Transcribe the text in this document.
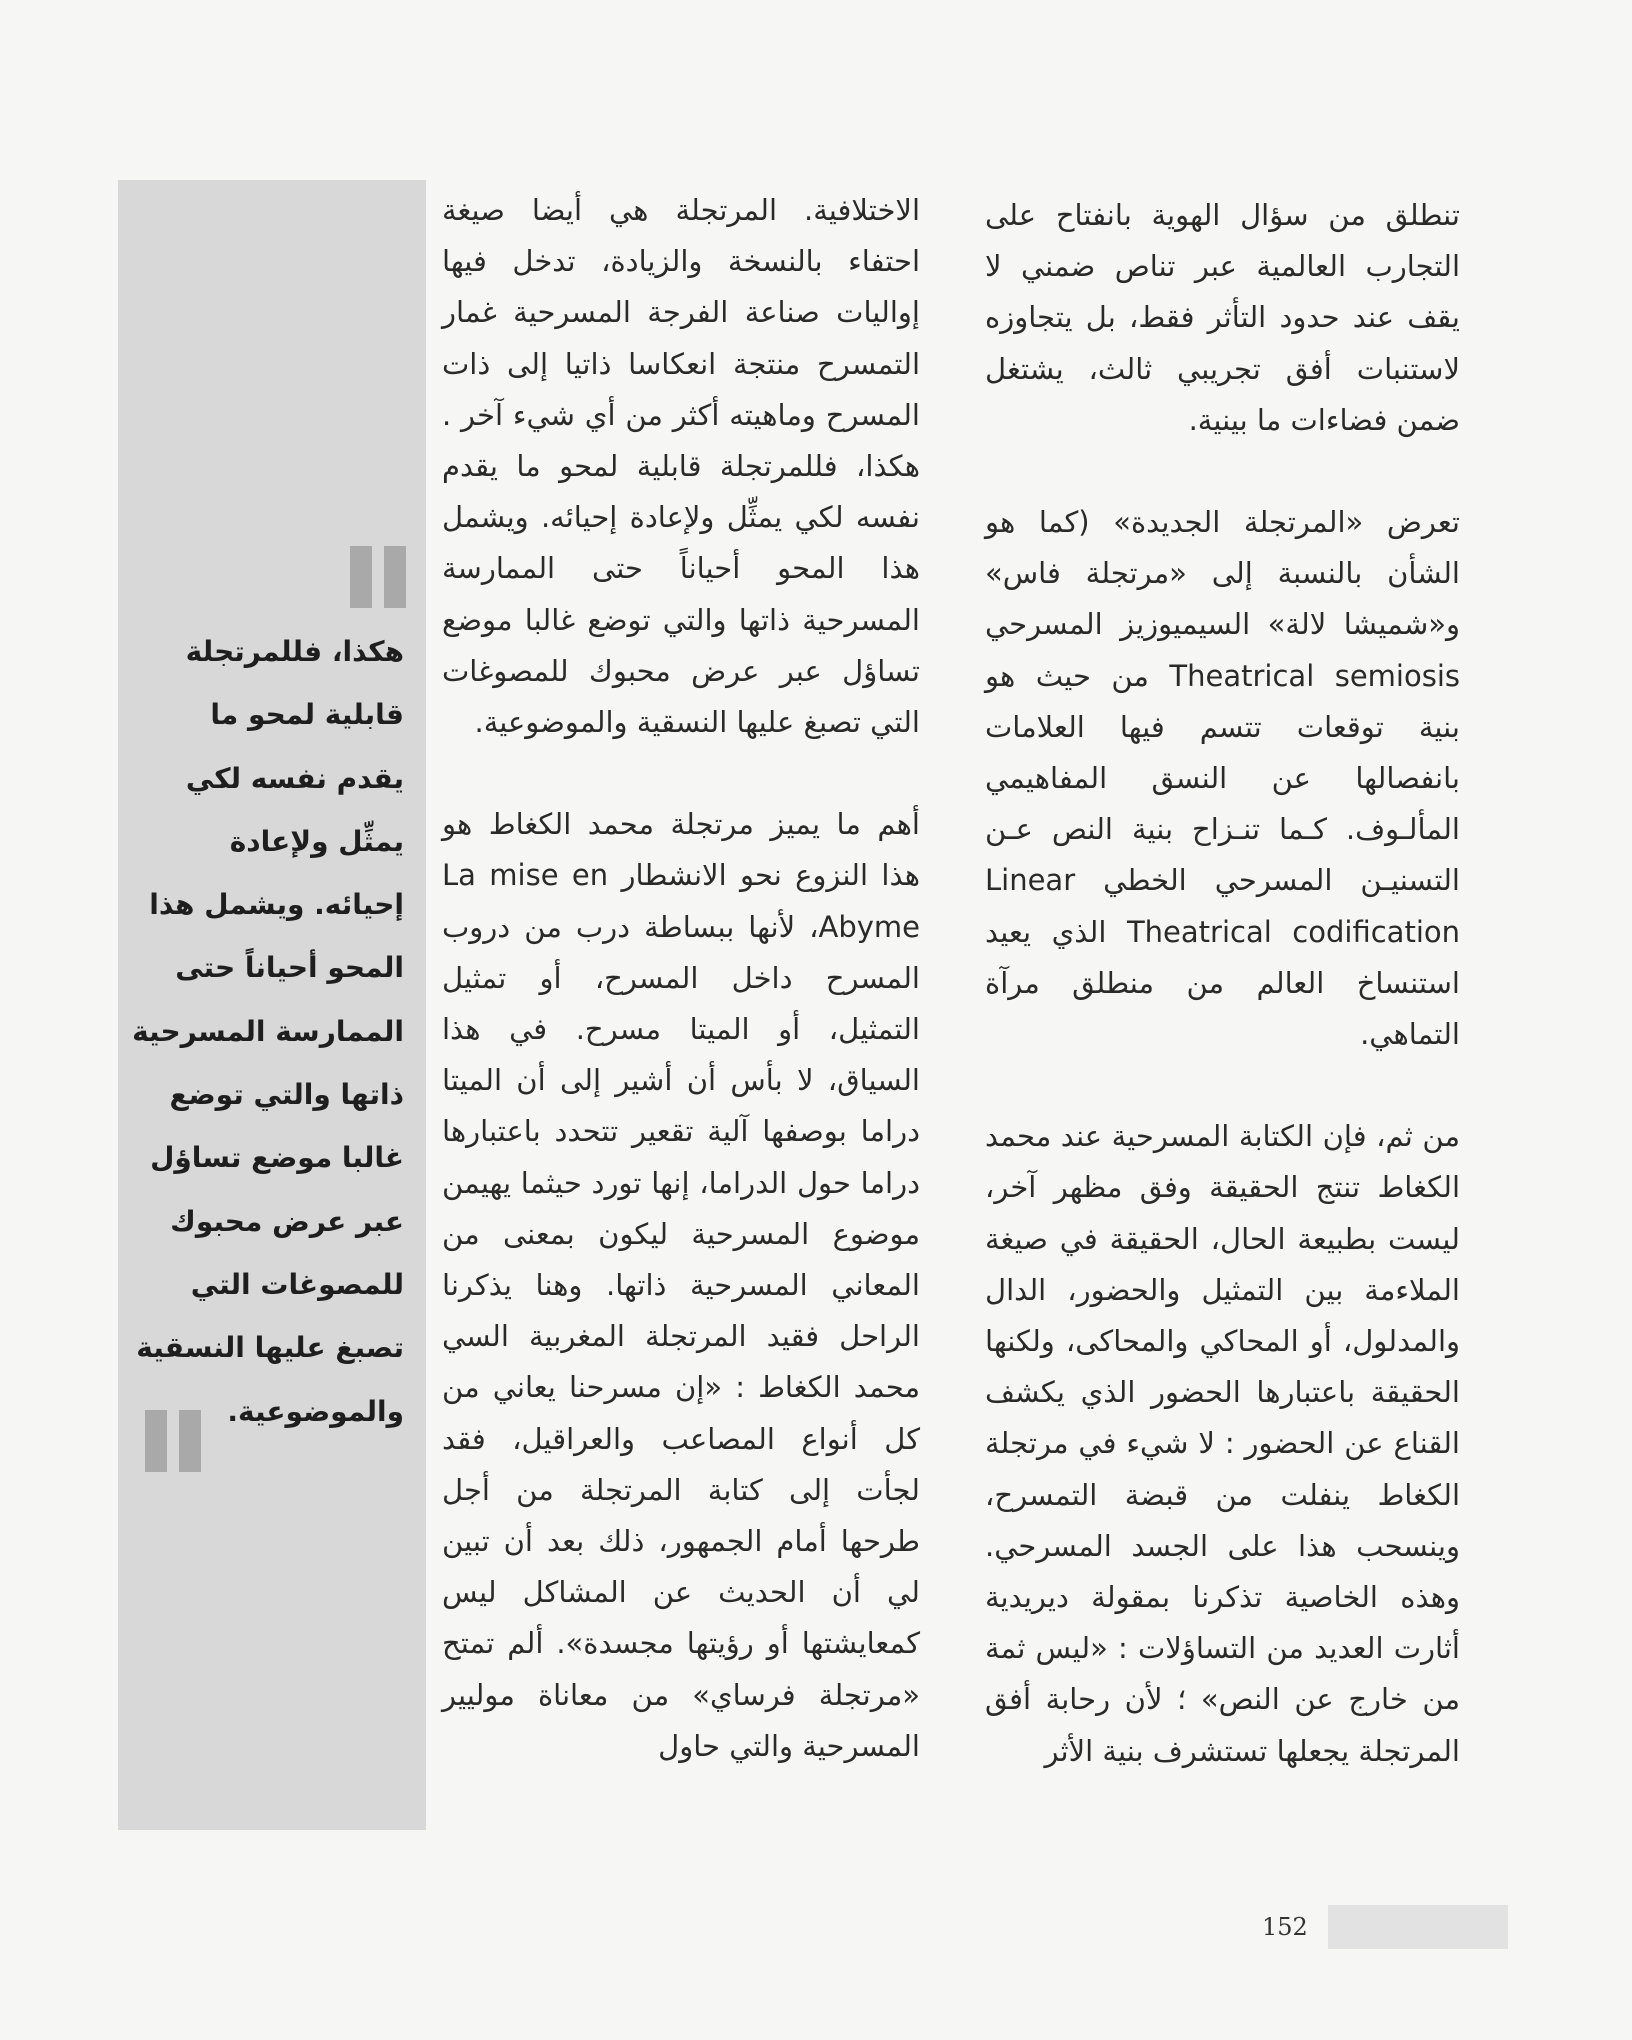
تنطلق من سؤال الهوية بانفتاح على التجارب العالمية عبر تناص ضمني لا يقف عند حدود التأثر فقط، بل يتجاوزه لاستنبات أفق تجريبي ثالث، يشتغل ضمن فضاءات ما بينية.

تعرض «المرتجلة الجديدة» (كما هو الشأن بالنسبة إلى «مرتجلة فاس» و«شميشا لالة» السيميوزيز المسرحي Theatrical semiosis من حيث هو بنية توقعات تتسم فيها العلامات بانفصالها عن النسق المفاهيمي المألـوف. كـما تنـزاح بنية النص عـن التسنيـن المسرحي الخطي Linear Theatrical codification الذي يعيد استنساخ العالم من منطلق مرآة التماهي.

من ثم، فإن الكتابة المسرحية عند محمد الكغاط تنتج الحقيقة وفق مظهر آخر، ليست بطبيعة الحال، الحقيقة في صيغة الملاءمة بين التمثيل والحضور، الدال والمدلول، أو المحاكي والمحاكى، ولكنها الحقيقة باعتبارها الحضور الذي يكشف القناع عن الحضور : لا شيء في مرتجلة الكغاط ينفلت من قبضة التمسرح، وينسحب هذا على الجسد المسرحي. وهذه الخاصية تذكرنا بمقولة ديريدية أثارت العديد من التساؤلات : «ليس ثمة من خارج عن النص» ؛ لأن رحابة أفق المرتجلة يجعلها تستشرف بنية الأثر

الاختلافية. المرتجلة هي أيضا صيغة احتفاء بالنسخة والزيادة، تدخل فيها إواليات صناعة الفرجة المسرحية غمار التمسرح منتجة انعكاسا ذاتيا إلى ذات المسرح وماهيته أكثر من أي شيء آخر . هكذا، فللمرتجلة قابلية لمحو ما يقدم نفسه لكي يمثِّل ولإعادة إحيائه. ويشمل هذا المحو أحياناً حتى الممارسة المسرحية ذاتها والتي توضع غالبا موضع تساؤل عبر عرض محبوك للمصوغات التي تصبغ عليها النسقية والموضوعية.

أهم ما يميز مرتجلة محمد الكغاط هو هذا النزوع نحو الانشطار La mise en Abyme، لأنها ببساطة درب من دروب المسرح داخل المسرح، أو تمثيل التمثيل، أو الميتا مسرح. في هذا السياق، لا بأس أن أشير إلى أن الميتا دراما بوصفها آلية تقعير تتحدد باعتبارها دراما حول الدراما، إنها تورد حيثما يهيمن موضوع المسرحية ليكون بمعنى من المعاني المسرحية ذاتها. وهنا يذكرنا الراحل فقيد المرتجلة المغربية السي محمد الكغاط : «إن مسرحنا يعاني من كل أنواع المصاعب والعراقيل، فقد لجأت إلى كتابة المرتجلة من أجل طرحها أمام الجمهور، ذلك بعد أن تبين لي أن الحديث عن المشاكل ليس كمعايشتها أو رؤيتها مجسدة». ألم تمتح «مرتجلة فرساي» من معاناة موليير المسرحية والتي حاول

هكذا، فللمرتجلة
قابلية لمحو ما
يقدم نفسه لكي
يمثِّل ولإعادة
إحيائه. ويشمل هذا
المحو أحياناً حتى
الممارسة المسرحية
ذاتها والتي توضع
غالبا موضع تساؤل
عبر عرض محبوك
للمصوغات التي
تصبغ عليها النسقية
والموضوعية.
152
